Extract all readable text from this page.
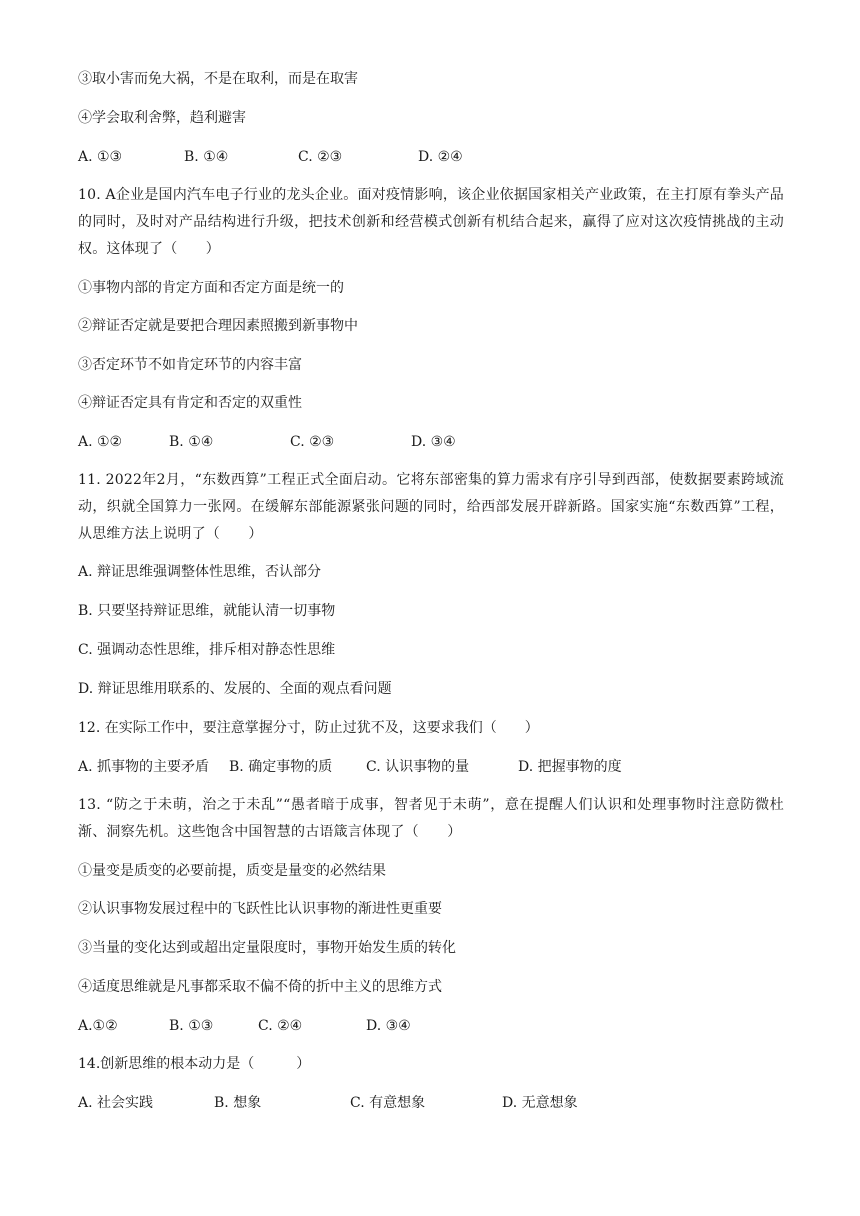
③取小害而免大祸，不是在取利，而是在取害
④学会取利舍弊，趋利避害
A. ①③	B. ①④	C. ②③	D. ②④
10. A企业是国内汽车电子行业的龙头企业。面对疫情影响，该企业依据国家相关产业政策，在主打原有拳头产品的同时，及时对产品结构进行升级，把技术创新和经营模式创新有机结合起来，赢得了应对这次疫情挑战的主动权。这体现了（　　）
①事物内部的肯定方面和否定方面是统一的
②辩证否定就是要把合理因素照搬到新事物中
③否定环节不如肯定环节的内容丰富
④辩证否定具有肯定和否定的双重性
A. ①②	B. ①④	C. ②③	D. ③④
11. 2022年2月，“东数西算”工程正式全面启动。它将东部密集的算力需求有序引导到西部，使数据要素跨域流动，织就全国算力一张网。在缓解东部能源紧张问题的同时，给西部发展开辟新路。国家实施“东数西算”工程，从思维方法上说明了（　　）
A. 辩证思维强调整体性思维，否认部分
B. 只要坚持辩证思维，就能认清一切事物
C. 强调动态性思维，排斥相对静态性思维
D. 辩证思维用联系的、发展的、全面的观点看问题
12. 在实际工作中，要注意掌握分寸，防止过犹不及，这要求我们（　　）
A. 抓事物的主要矛盾 B. 确定事物的质 C. 认识事物的量	D. 把握事物的度
13. “防之于未萌，治之于未乱”“愚者暗于成事，智者见于未萌”，意在提醒人们认识和处理事物时注意防微杜渐、洞察先机。这些饱含中国智慧的古语箴言体现了（　　）
①量变是质变的必要前提，质变是量变的必然结果
②认识事物发展过程中的飞跃性比认识事物的渐进性更重要
③当量的变化达到或超出定量限度时，事物开始发生质的转化
④适度思维就是凡事都采取不偏不倚的折中主义的思维方式
A.①②	B. ①③	C. ②④	D. ③④
14.创新思维的根本动力是（　　　）
A. 社会实践	B. 想象	C. 有意想象	D. 无意想象
